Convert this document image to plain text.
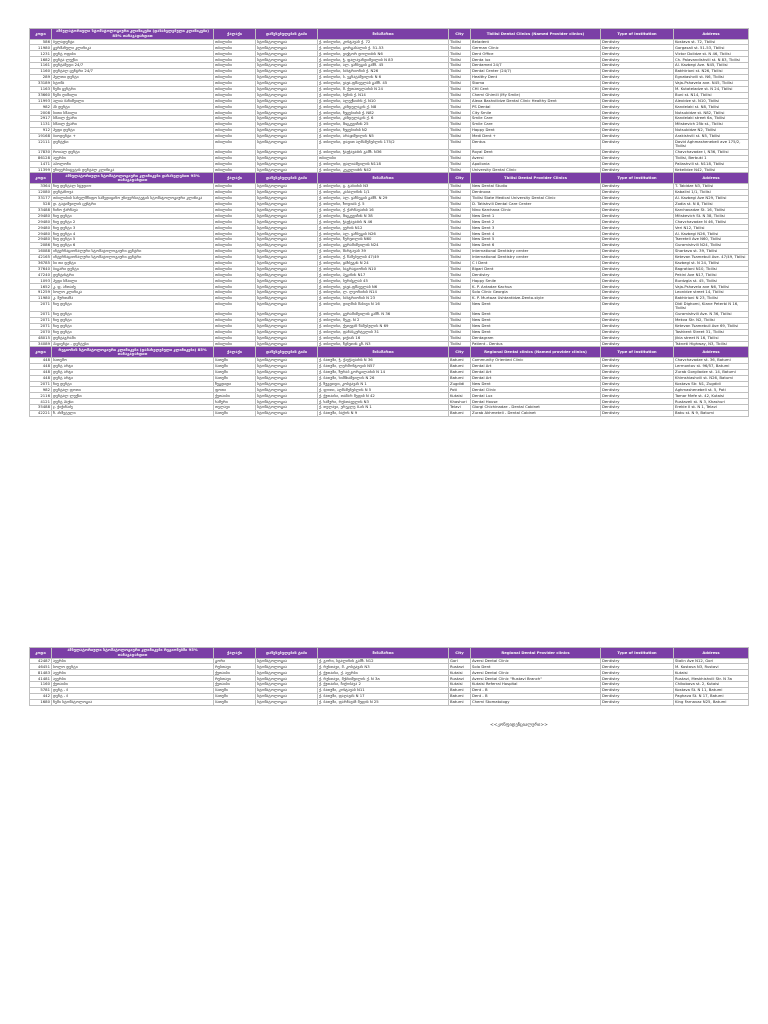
კოდი	ამბულატორიული სტომატოლოგიური კლინიკები (დასახელებული კლინიკები) 85% თანაგადახდით	ქალაქი	დაწესებულების ტიპი	მისამართი	City	Tbilisi Dental Clinics (Named Provider clinics)	Type of Institution	Address
586	ბელადენტი	თბილისი	სტომატოლოგია	ქ. თბილისი, კოსტავას ქ. 72	Tbilisi	Beladent	Dentistry	Kostava st. 72, Tbilisi
11980	გერმანული კლინიკა	თბილისი	სტომატოლოგია	ქ. თბილისი, გორგასალის ქ. 51-53	Tbilisi	German Clinic	Dentistry	Gorgasali st. 51-53, Tbilisi
1231	დენტ ოფისი	თბილისი	სტომატოლოგია	ქ. თბილისი, ვიქტორ დოლიძის N6	Tbilisi	Dent Office	Dentistry	Victor Dolidze st. N 46, Tbilisi
1682	დენტა ლუქსი	თბილისი	სტომატოლოგია	ქ. თბილისი, ჭ. ფალავანდიშვილის N 83	Tbilisi	Denta lux	Dentistry	Ch. Palavandishvili st. N 83, Tbilisi
1161	დენტამედი 24/7	თბილისი	სტომატოლოგია	ქ. თბილისი, ალ. ყაზბეგის გამზ. 45	Tbilisi	Dentamed 24/7	Dentistry	Al. Kazbegi Ave. N45, Tbilisi
1160	დენტალ ცენტრი 24/7	თბილისი	სტომატოლოგია	ქ. თბილისი, ბახტრიონის ქ. N26	Tbilisi	Dental Center (24/7)	Dentistry	Bakhtrioni st. N26, Tbilisi
289	ჰელთი დენტი	თბილისი	სტომატოლოგია	ქ. თბილისი, ბ. ეგნატაშვილის N 6	Tbilisi	Healthy Dent	Dentistry	Egnatashvili st. N6, Tbilisi
33189	სტომა	თბილისი	სტომატოლოგია	ქ. თბილისი, ვაჟა-ფშაველას გამზ. 45	Tbilisi	Stoma	Dentistry	Vaja-Pshavela ave. N45, Tbilisi
1163	ჩემი ცენტრი	თბილისი	სტომატოლოგია	ქ. თბილისი, მ. ქუთათელაძის N 24	Tbilisi	CHI Cent	Dentistry	M. Kutateladze st. N 24, Tbilisi
33660	ჩემი ღიმილი	თბილისი	სტომატოლოგია	ქ. თბილისი, ბუნის ქ. N14	Tbilisi	Chemi Ghimili (My Smile)	Dentistry	Buni st. N14, Tbilisi
11993	ალია ბანიშვილი	თბილისი	სტომატოლოგია	ქ. თბილისი, ალექსიძის ქ. N10	Tbilisi	Alexa Bashvilidze Dental Clinic Healthy Dent	Dentistry	Alexidze st. N10, Tbilisi
982	პს დენტი	თბილისი	სტომატოლოგია	ქ. თბილისი, კანდელაკის ქ. N8	Tbilisi	PS Dental	Dentistry	Kandelaki st. N8, Tbilisi
2008	სითი სმაილი	თბილისი	სტომატოლოგია	ქ. თბილისი, ნუცუბიძის ქ. N82	Tbilisi	City Smile	Dentistry	Nutsubidze st. N82, Tbilisi
2917	სმაილ ქეარი	თბილისი	სტომატოლოგია	ქ. თბილისი, კანდელაკის ქ. 6	Tbilisi	Smile Care	Dentistry	Kandelaki street 6a, Tbilisi
1131	სმაილ ქეარი	თბილისი	სტომატოლოგია	ქ. თბილისი, მიცკევიჩის 25	Tbilisi	Smile Care	Dentistry	Mitskevich 25b st., Tbilisi
912	ჰეფი დენტი	თბილისი	სტომატოლოგია	ქ. თბილისი, ნუცუბიძის N2	Tbilisi	Happy Dent	Dentistry	Nutsubidze N2, Tbilisi
19168	ბიოდენტი +	თბილისი	სტომატოლოგია	ქ. თბილისი, არაყიშვილის N5	Tbilisi	Medi Dent +	Dentistry	Arakishvili st. N5, Tbilisi
12111	დენტუსი	თბილისი	სტომატოლოგია	ქ. თბილისი, დავით აღმაშენებლის 175/2	Tbilisi	Dentus	Dentistry	David Aghmashenebeli ave 175/2, Tbilisi
17830	როიალ დენტი	თბილისი	სტომატოლოგია	ქ. თბილისი, ჭავჭავაძის გამზ. N36	Tbilisi	Royal Dent	Dentistry	Chavchavadze I, N36, Tbilisi
86128	ავერსი	თბილისი	სტომატოლოგია	თბილისი	Tbilisi	Aversi	Dentistry	Tbilisi, Berbuki 1
1471	აპოლონი	თბილისი	სტომატოლოგია	ქ. თბილისი, ფალიაშვილის N118	Tbilisi	Apollonia	Dentistry	Paliashvili st. N118, Tbilisi
11399	უნივერსიტეტის დენტალ კლინიკა	თბილისი	სტომატოლოგია	ქ. თბილისი, კეკელიძის N42	Tbilisi	University Dental Clinic	Dentistry	Kekelidze N42, Tbilisi
კოდი	ამბულატორიული სტომატოლოგიური კლინიკები დასახელებით 95% თანაგადახდით	ქალაქი	დაწესებულების ტიპი	მისამართი	City	Tbilisi Dental Provider Clinics	Type of Institution	Address
3364	ნიუ დენტალ სტუდიო	თბილისი	სტომატოლოგია	ქ. თბილისი, ტ. ტაბიძის N3	Tbilisi	New Dental Studio	Dentistry	T. Tabidze N3, Tbilisi
12080	დენტანოვა	თბილისი	სტომატოლოგია	ქ. თბილისი, კაბალინის 1/1	Tbilisi	Dentnova	Dentistry	Kabalini 1/1, Tbilisi
33177	თბილისის სახელმწიფო სამედიცინო უნივერსიტეტის სტომატოლოგიური კლინიკა	თბილისი	სტომატოლოგია	ქ. თბილისი, ალ. ყაზბეგის გამზ. N 29	Tbilisi	Tbilisi State Medical University Dental Clinic	Dentistry	Al. Kazbegi Ave N29, Tbilisi
528	დ. ტატიშვილის ცენტრი	თბილისი	სტომატოლოგია	ქ. თბილისი, ზოდიას ქ. 5	Tbilisi	D. Tatishvili Dental Care Center	Dentistry	Zodia st. N 8, Tbilisi
33488	ნინო ქარჩავა	თბილისი	სტომატოლოგია	ქ. თბილისი, ქ. ქარჩავაძის 16	Tbilisi	Nino Karchava Clinic	Dentistry	Karchavadze St. 16, Tbilisi
29480	ნიუ დენტი	თბილისი	სტომატოლოგია	ქ. თბილისი, მიცკევიჩის N 38	Tbilisi	New Dent 1	Dentistry	Mitskevich St. N 38, Tbilisi
29480	ნიუ დენტი 2	თბილისი	სტომატოლოგია	ქ. თბილისი, ჭავჭავაძის N 46	Tbilisi	New Dent 2	Dentistry	Chavchavadze N 46, Tbilisi
29480	ნიუ დენტი 3	თბილისი	სტომატოლოგია	ქ. თბილისი, ვერის N12	Tbilisi	New Dent 3	Dentistry	Veri N12, Tbilisi
29480	ნიუ დენტი 4	თბილისი	სტომატოლოგია	ქ. თბილისი, ალ. ყაზბეგის N26	Tbilisi	New Dent 4	Dentistry	Al. Kazbegi N26, Tbilisi
29480	ნიუ დენტი 5	თბილისი	სტომატოლოგია	ქ. თბილისი, წერეთლის N60	Tbilisi	New Dent 5	Dentistry	Tsereteli Ave N60, Tbilisi
2086	ნიუ დენტი 6	თბილისი	სტომატოლოგია	ქ. თბილისი, გურამიშვილის N24	Tbilisi	New Dent 6	Dentistry	Guramishvili N24, Tbilisi
16088	ინტერნაციონალური სტომატოლოგიური ცენტრი	თბილისი	სტომატოლოგია	ქ. თბილისი, შარტავას 39	Tbilisi	International Dentistry center	Dentistry	Shartava st. 39, Tbilisi
42165	ინტერნაციონალური სტომატოლოგიური ცენტრი	თბილისი	სტომატოლოგია	ქ. თბილისი, ქ. წამებულის 47/49	Tbilisi	International Dentistry center	Dentistry	Ketevan Tsamebuli Ave. 47/49, Tbilisi
36785	სი თი დენტი	თბილისი	სტომატოლოგია	ქ. თბილისი, ყაზბეგის N 24	Tbilisi	C I Dent	Dentistry	Kazbegi st. N 24, Tbilisi
37640	ბიგარი დენტი	თბილისი	სტომატოლოგია	ქ. თბილისი, ბაგრატიონის N10	Tbilisi	Bigari Dent	Dentistry	Bagrationi N10, Tbilisi
47240	დენტისტრი	თბილისი	სტომატოლოგია	ქ. თბილისი, პეკინის N17	Tbilisi	Dentistry	Dentistry	Pekini Ave N17, Tbilisi
1093	ჰეფი სმაილი	თბილისი	სტომატოლოგია	ქ. თბილისი, ბურძგლას 45	Tbilisi	Happy Smile	Dentistry	Burdzgla st. 45, Tbilisi
1652	კ. ფ. ანთაძე	თბილისი	სტომატოლოგია	ქ. თბილისი, ვაჟა-ფშაველას N6	Tbilisi	K. P. Antadze Kachua	Dentistry	Vaja-Pshavela ave N6, Tbilisi
91259	სოლო კლინიკა	თბილისი	სტომატოლოგია	ქ. თბილისი, ლ. ლეონიძის N14	Tbilisi	Solo Clinic Georgia	Dentistry	Leonidze street 14, Tbilisi
11980	კ. მურთაზა	თბილისი	სტომატოლოგია	ქ. თბილისი, ბახტრიონის N 23	Tbilisi	K. P. Murtaza Ushtantidze-Dento-style	Dentistry	Bakhtrioni N 23, Tbilisi
2071	ნიუ დენტი	თბილისი	სტომატოლოგია	ქ. თბილისი, დიღმის მასივი N 16	Tbilisi	New Dent	Dentistry	Didi Dighomi, Kiane Peterbi N 16, Tbilisi
2071	ნიუ დენტი	თბილისი	სტომატოლოგია	ქ. თბილისი, გურამიშვილის გამზ. N 36	Tbilisi	New Dent	Dentistry	Guramishvili Ave. N 36, Tbilisi
2071	ნიუ დენტი	თბილისი	სტომატოლოგია	ქ. თბილისი, მეკვ. N 2	Tbilisi	New Dent	Dentistry	Mekva Str. N2, Tbilisi
2071	ნიუ დენტი	თბილისი	სტომატოლოგია	ქ. თბილისი, ქეთევან წამებულის N 69	Tbilisi	New Dent	Dentistry	Ketevan Tsamebuli Ave 69, Tbilisi
2070	ნიუ დენტი	თბილისი	სტომატოლოგია	ქ. თბილისი, ფანასკერტელის 31	Tbilisi	New Dent	Dentistry	Tashkent Street 31, Tbilisi
48015	დენტაგრამი	თბილისი	სტომატოლოგია	ქ. თბილისი, ჯიქიას 16	Tbilisi	Dentagram	Dentistry	Jikia street N 16, Tbilisi
34089	პაციენტი - დენტუსი	თბილისი	სტომატოლოგია	ქ. თბილისი, წყნეთის გზ. N3	Tbilisi	Patient - Dentus	Dentistry	Tskneti Highway, N3, Tbilisi
კოდი	რეგიონის სტომატოლოგიური კლინიკები (დასახელებული კლინიკები) 85% თანაგადახდით	ქალაქი	დაწესებულების ტიპი	მისამართი	City	Regional Dental clinics (Named provider clinics)	Type of Institution	Address
448	სათემო	ბათუმი	სტომატოლოგია	ქ. ბათუმი, ჭ. ჭავჭავაძის N 36	Batumi	Community Oriented Clinic	Dentistry	Chavchavadze st. 36, Batumi
448	დენტ არტი	ბათუმი	სტომატოლოგია	ქ. ბათუმი, ლერმონტოვის N57	Batumi	Dental Art	Dentistry	Lermontov st. 96/57, Batumi
448	დენტ არტი	ბათუმი	სტომატოლოგია	ქ. ბათუმი, ზურაბ გორგილაძის N 14	Batumi	Dental Art	Dentistry	Zurab Gorgiladze st. 14, Batumi
448	დენტ არტი	ბათუმი	სტომატოლოგია	ქ. ბათუმი, ხიმშიაშვილის N 26	Batumi	Dental Art	Dentistry	Khimshiashvili st. N26, Batumi
2071	ნიუ დენტი	ზუგდიდი	სტომატოლოგია	ქ. ზუგდიდი, კოსტავას N 1	Zugdidi	New Dent	Dentistry	Kostava Str. N1, Zugdidi
982	დენტალ ფოთი	ფოთი	სტომატოლოგია	ქ. ფოთი, აღმაშენებლის N 5	Poti	Dental Clinic	Dentistry	Aghmashenebeli st. 5, Poti
2116	დენტალ ლუქსი	ქუთაისი	სტომატოლოგია	ქ. ქუთაისი, თამარ მეფის N 42	Kutaisi	Dental Lux	Dentistry	Tamar Mefe st. 42, Kutaisi
4121	დენტ ჰაუსი	ხაშური	სტომატოლოგია	ქ. ხაშური, რუსთაველის N3	Khashuri	Dental House	Dentistry	Rustaveli st. N 3, Khashuri
35488	ჯ. ჭიჭინაძე	თელავი	სტომატოლოგია	ქ. თელავი, ერეკლე II-ის N 1	Telavi	Giorgi Chichinadze - Dental Cabinet	Dentistry	Erekle II st. N 1, Telavi
42221	ზ. ახმეტელი	ბათუმი	სტომატოლოგია	ქ. ბათუმი, ბაქოს N 9	Batumi	Zurab Akhmeteli - Dental Cabinet	Dentistry	Baku st. N 9, Batumi
42487	ავერსი	გორი	სტომატოლოგია	ქ. გორი, სტალინის გამზ. N12	Gori	Aversi Dental Clinic	Dentistry	Stalin Ave N12, Gori
46451	სოლო დენტი	რუსთავი	სტომატოლოგია	ქ. რუსთავი, მ. კოსტავას N3	Rustavi	Solo Dent	Dentistry	M. Kostava N3, Rustavi
81483	ავერსი	ქუთაისი	სტომატოლოგია	ქ. ქუთაისი, ქ. ავერსი	Kutaisi	Aversi Dental Clinic	Dentistry	Kutaisi
41481	ავერსი	რუსთავი	სტომატოლოგია	ქ. რუსთავი, მესხიშვილის ქ. N 3a	Rustavi	Aversi Dental Clinic "Rustavi Branch"	Dentistry	Rustavi, Meskhishvili Str. N 3a
1160	ქუთაისი	ქუთაისი	სტომატოლოგია	ქ. ქუთაისი, ჩიქობავა 2	Kutaisi	Kutaisi Referral Hospital	Dentistry	Chikobava st. 2, Kutaisi
კოდი	ამბულატორიული სტომატოლოგიური კლინიკები რეგიონებში 95% თანაგადახდით	ქალაქი	დაწესებულების ტიპი	მისამართი	City	Regional Dental Provider clinics	Type of Institution	Address
5781	დენტ - ბ	ბათუმი	სტომატოლოგია	ქ. ბათუმი, კოსტავას N11	Batumi	Dent - B	Dentistry	Kostava St. N 11, Batumi
442	დენტ - ბ	ბათუმი	სტომატოლოგია	ქ. ბათუმი, ფაღავას N 17	Batumi	Dent - B	Dentistry	Paghava St. N 17, Batumi
1680	ჩემი სტომატოლოგია	ბათუმი	სტომატოლოგია	ქ. ბათუმი, ფარნავაზ მეფის N 25	Batumi	Chemi Stomatology	Dentistry	King Farnavaz N25, Batumi
<<კონფიდენციალური>>
